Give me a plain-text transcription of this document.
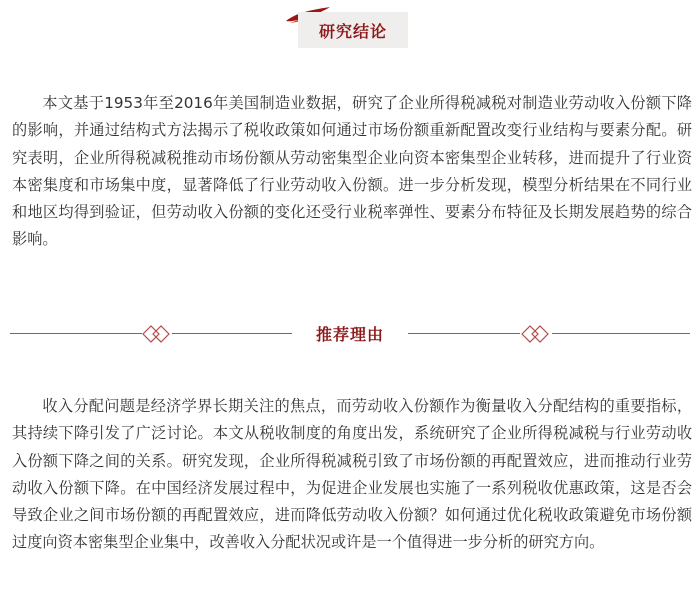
研究结论

本文基于1953年至2016年美国制造业数据，研究了企业所得税减税对制造业劳动收入份额下降的影响，并通过结构式方法揭示了税收政策如何通过市场份额重新配置改变行业结构与要素分配。研究表明，企业所得税减税推动市场份额从劳动密集型企业向资本密集型企业转移，进而提升了行业资本密集度和市场集中度，显著降低了行业劳动收入份额。进一步分析发现，模型分析结果在不同行业和地区均得到验证，但劳动收入份额的变化还受行业税率弹性、要素分布特征及长期发展趋势的综合影响。

推荐理由

收入分配问题是经济学界长期关注的焦点，而劳动收入份额作为衡量收入分配结构的重要指标，其持续下降引发了广泛讨论。本文从税收制度的角度出发，系统研究了企业所得税减税与行业劳动收入份额下降之间的关系。研究发现，企业所得税减税引致了市场份额的再配置效应，进而推动行业劳动收入份额下降。在中国经济发展过程中，为促进企业发展也实施了一系列税收优惠政策，这是否会导致企业之间市场份额的再配置效应，进而降低劳动收入份额？如何通过优化税收政策避免市场份额过度向资本密集型企业集中，改善收入分配状况或许是一个值得进一步分析的研究方向。
